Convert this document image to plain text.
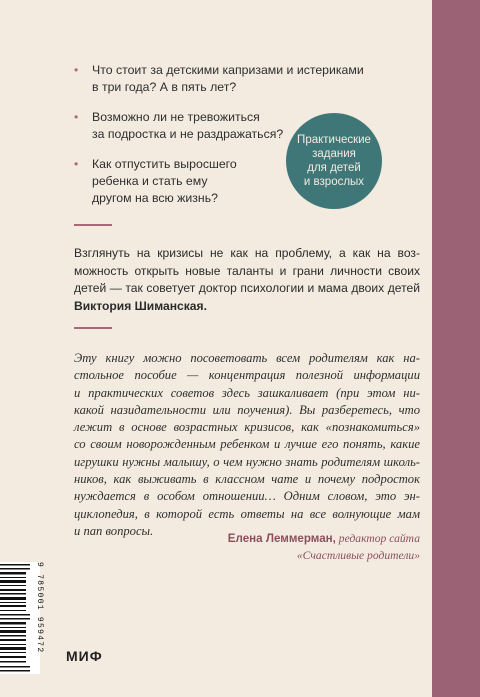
• Что стоит за детскими капризами и истериками
в три года? А в пять лет?
• Возможно ли не тревожиться
за подростка и не раздражаться?
• Как отпустить выросшего
ребенка и стать ему
другом на всю жизнь?
Практические
задания
для детей
и взрослых

Взглянуть на кризисы не как на проблему, а как на возможность открыть новые таланты и грани личности своих детей — так советует доктор психологии и мама двоих детей Виктория Шиманская.

Эту книгу можно посоветовать всем родителям как на-
стольное пособие — концентрация полезной информации
и практических советов здесь зашкаливает (при этом ни-
какой назидательности или поучения). Вы разберетесь, что
лежит в основе возрастных кризисов, как «познакомиться»
со своим новорожденным ребенком и лучше его понять, какие
игрушки нужны малышу, о чем нужно знать родителям школь-
ников, как выживать в классном чате и почему подросток
нуждается в особом отношении… Одним словом, это эн-
циклопедия, в которой есть ответы на все волнующие мам
и пап вопросы.
Елена Леммерман, редактор сайта
«Счастливые родители»
9 785001 959472
МИФ
